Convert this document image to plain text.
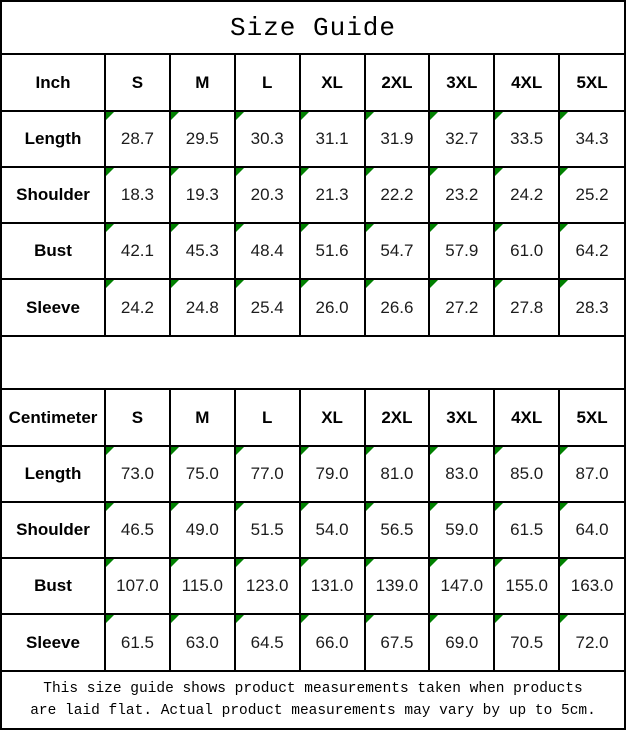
Size Guide
Inch	S	M	L	XL	2XL	3XL	4XL	5XL
Length	28.7	29.5	30.3	31.1	31.9	32.7	33.5	34.3
Shoulder	18.3	19.3	20.3	21.3	22.2	23.2	24.2	25.2
Bust	42.1	45.3	48.4	51.6	54.7	57.9	61.0	64.2
Sleeve	24.2	24.8	25.4	26.0	26.6	27.2	27.8	28.3
Centimeter	S	M	L	XL	2XL	3XL	4XL	5XL
Length	73.0	75.0	77.0	79.0	81.0	83.0	85.0	87.0
Shoulder	46.5	49.0	51.5	54.0	56.5	59.0	61.5	64.0
Bust	107.0	115.0	123.0	131.0	139.0	147.0	155.0	163.0
Sleeve	61.5	63.0	64.5	66.0	67.5	69.0	70.5	72.0
This size guide shows product measurements taken when products
are laid flat. Actual product measurements may vary by up to 5cm.
